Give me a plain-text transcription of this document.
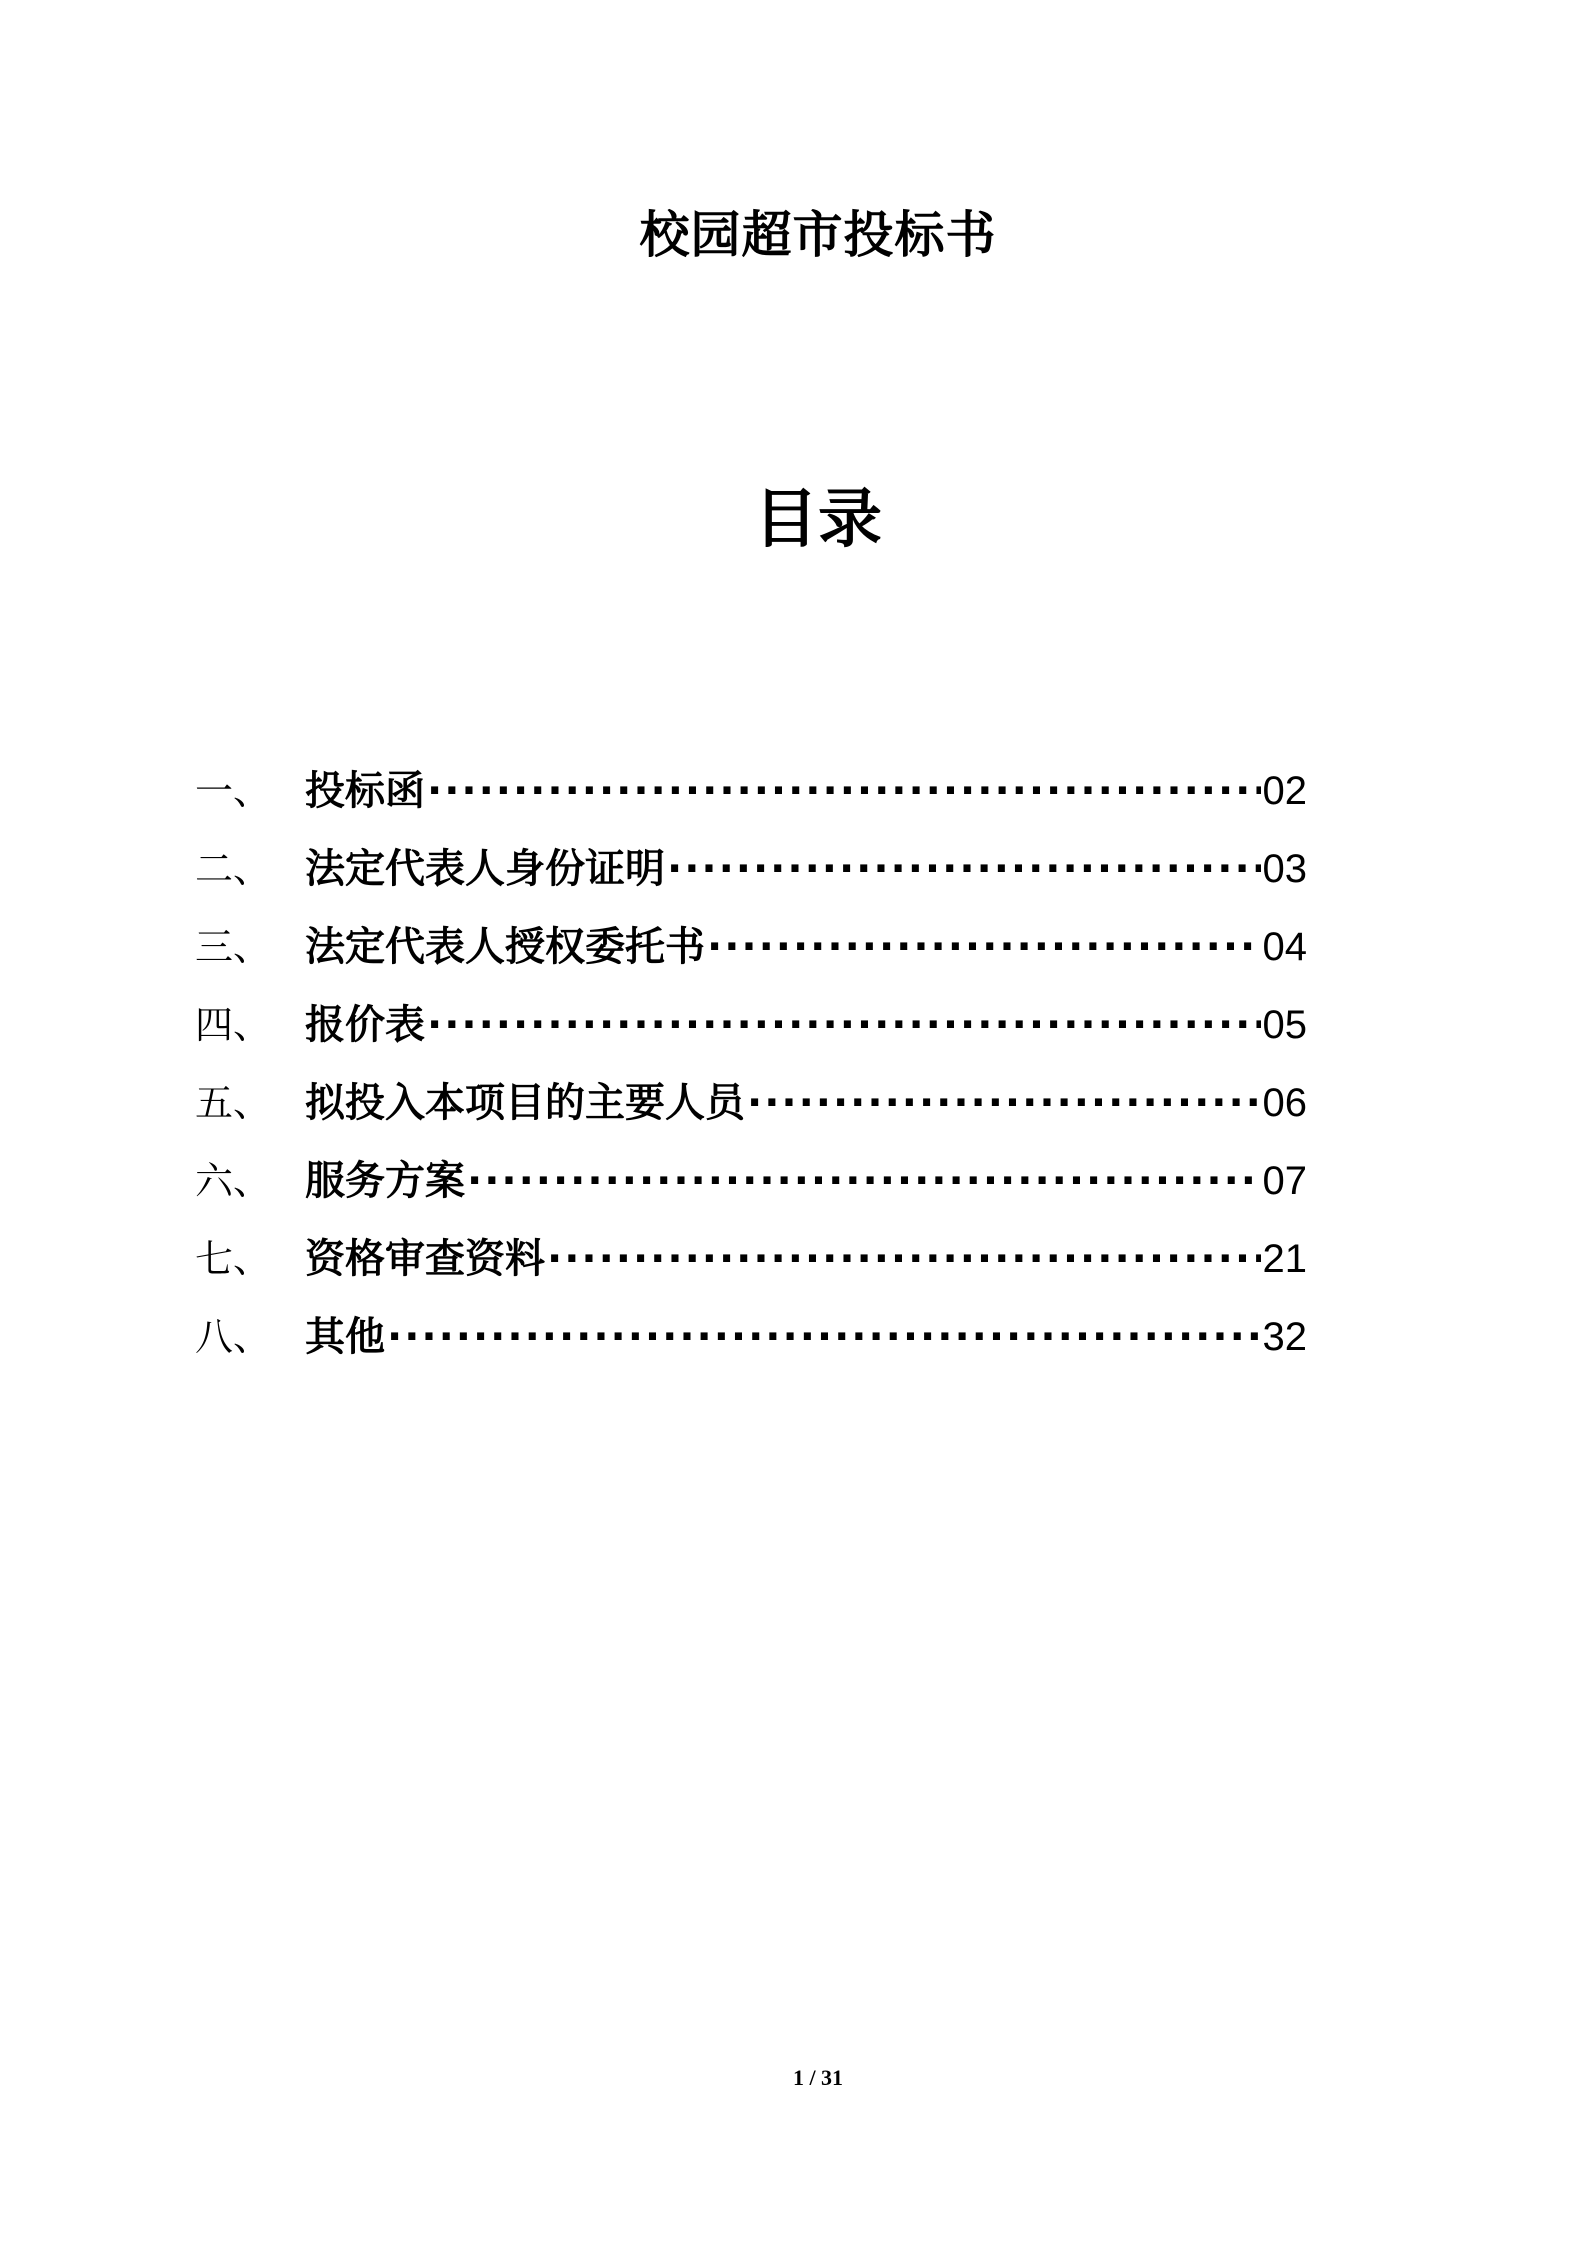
校园超市投标书
目录
一、 投标函 ·····	02
二、 法定代表人身份证明 ·····	03
三、 法定代表人授权委托书 ·····	04
四、 报价表 ·····	05
五、 拟投入本项目的主要人员 ·····	06
六、 服务方案 ·····	07
七、 资格审查资料 ·····	21
八、 其他 ·····	32
1 / 31
